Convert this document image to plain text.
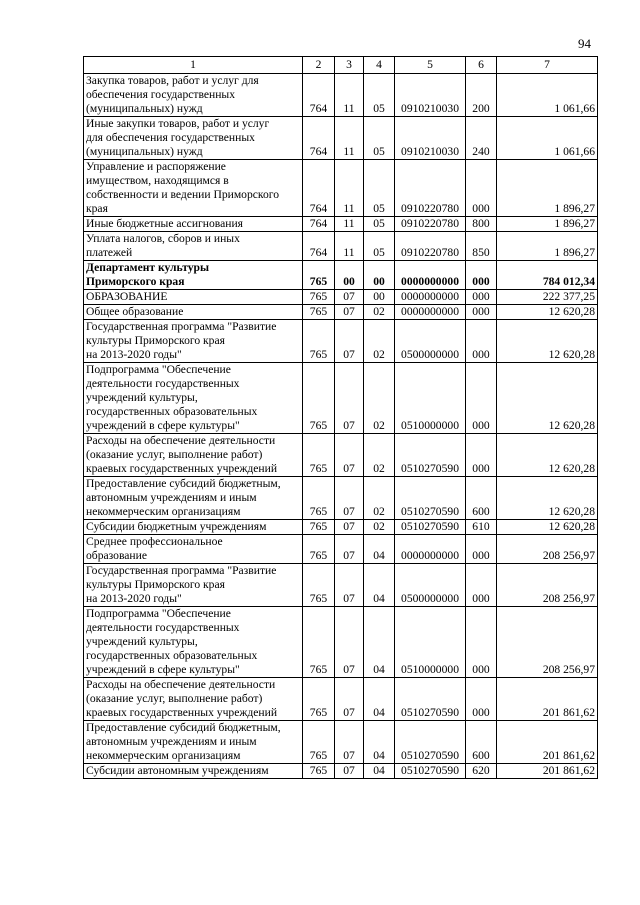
94
1	2	3	4	5	6	7
Закупка товаров, работ и услуг для
обеспечения государственных
(муниципальных) нужд	764	11	05	0910210030	200	1 061,66
Иные закупки товаров, работ и услуг
для обеспечения государственных
(муниципальных) нужд	764	11	05	0910210030	240	1 061,66
Управление и распоряжение
имуществом, находящимся в
собственности и ведении Приморского
края	764	11	05	0910220780	000	1 896,27
Иные бюджетные ассигнования	764	11	05	0910220780	800	1 896,27
Уплата налогов, сборов и иных
платежей	764	11	05	0910220780	850	1 896,27
Департамент культуры
Приморского края	765	00	00	0000000000	000	784 012,34
ОБРАЗОВАНИЕ	765	07	00	0000000000	000	222 377,25
Общее образование	765	07	02	0000000000	000	12 620,28
Государственная программа "Развитие
культуры Приморского края
на 2013-2020 годы"	765	07	02	0500000000	000	12 620,28
Подпрограмма "Обеспечение
деятельности государственных
учреждений культуры,
государственных образовательных
учреждений в сфере культуры"	765	07	02	0510000000	000	12 620,28
Расходы на обеспечение деятельности
(оказание услуг, выполнение работ)
краевых государственных учреждений	765	07	02	0510270590	000	12 620,28
Предоставление субсидий бюджетным,
автономным учреждениям и иным
некоммерческим организациям	765	07	02	0510270590	600	12 620,28
Субсидии бюджетным учреждениям	765	07	02	0510270590	610	12 620,28
Среднее профессиональное
образование	765	07	04	0000000000	000	208 256,97
Государственная программа "Развитие
культуры Приморского края
на 2013-2020 годы"	765	07	04	0500000000	000	208 256,97
Подпрограмма "Обеспечение
деятельности государственных
учреждений культуры,
государственных образовательных
учреждений в сфере культуры"	765	07	04	0510000000	000	208 256,97
Расходы на обеспечение деятельности
(оказание услуг, выполнение работ)
краевых государственных учреждений	765	07	04	0510270590	000	201 861,62
Предоставление субсидий бюджетным,
автономным учреждениям и иным
некоммерческим организациям	765	07	04	0510270590	600	201 861,62
Субсидии автономным учреждениям	765	07	04	0510270590	620	201 861,62
